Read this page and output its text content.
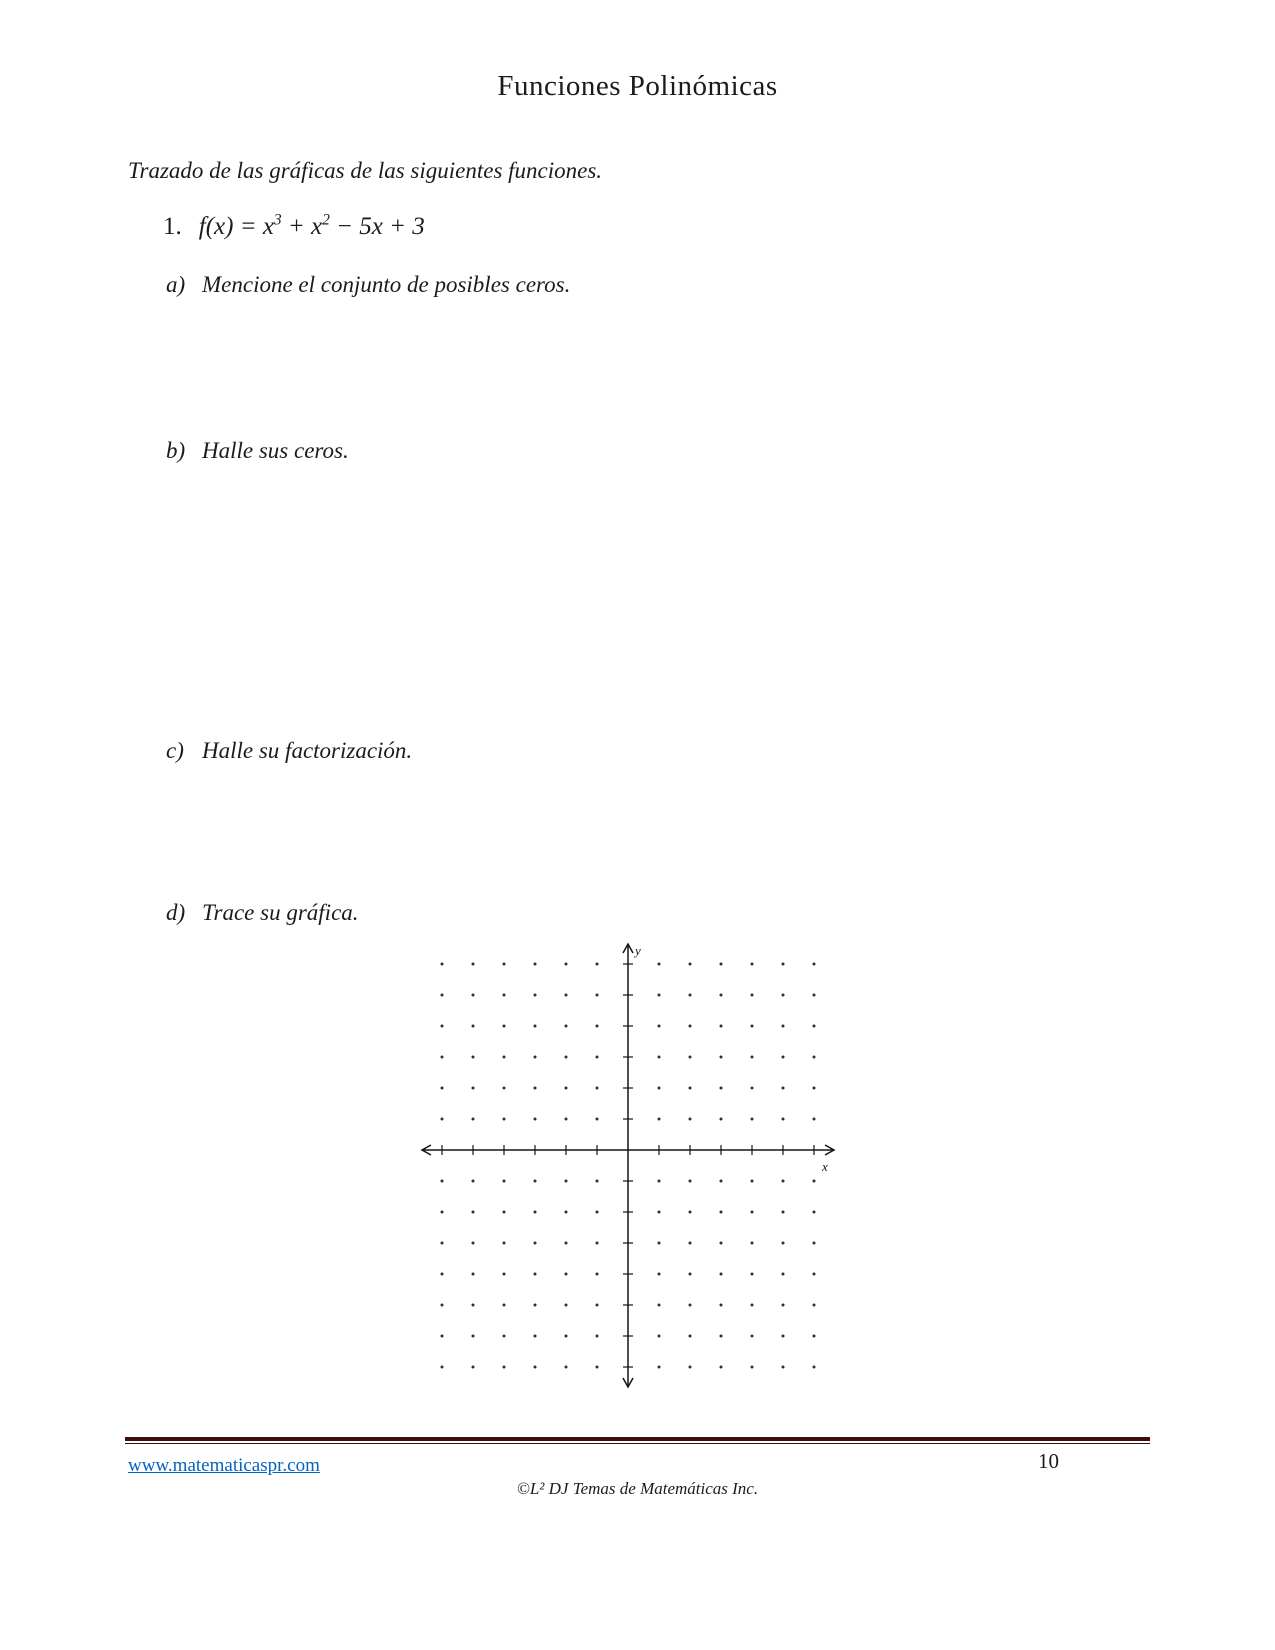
Funciones Polinómicas

Trazado de las gráficas de las siguientes funciones.

1. $f(x) = x^3 + x^2 - 5x + 3$
a) Mencione el conjunto de posibles ceros.
b) Halle sus ceros.
c) Halle su factorización.
d) Trace su gráfica.
y
x
www.matematicaspr.com	10
©L² DJ Temas de Matemáticas Inc.
